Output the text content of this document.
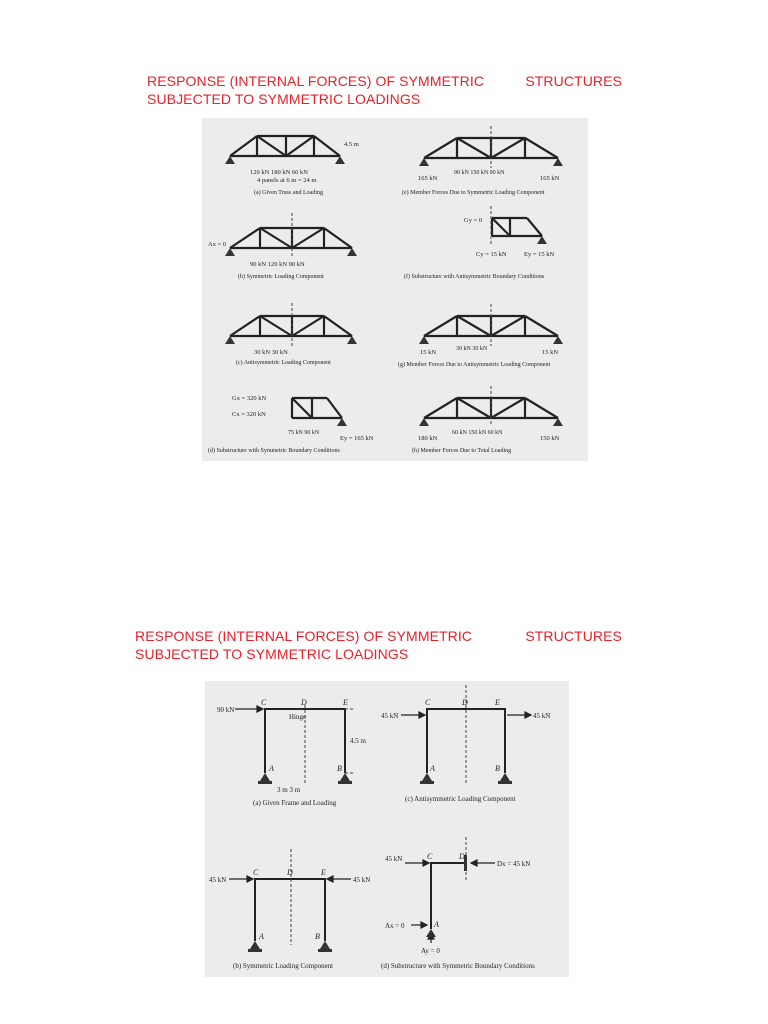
RESPONSE (INTERNAL FORCES) OF SYMMETRIC	STRUCTURES
SUBJECTED TO SYMMETRIC LOADINGS
120 kN 180 kN 60 kN
4 panels at 6 m = 24 m
4.5 m
(a) Given Truss and Loading
90 kN 120 kN 90 kN
Ax = 0
(b) Symmetric Loading Component
30 kN 30 kN
(c) Antisymmetric Loading Component
Gx = 320 kN
Cx = 320 kN
75 kN 90 kN
Ey = 165 kN
(d) Substructure with Symmetric Boundary Conditions
165 kN	165 kN
90 kN 150 kN 90 kN
(e) Member Forces Due to Symmetric Loading Component
Gy = 0
Cy = 15 kN	Ey = 15 kN
(f) Substructure with Antisymmetric Boundary Conditions
15 kN	15 kN
30 kN 30 kN
(g) Member Forces Due to Antisymmetric Loading Component
180 kN	150 kN
60 kN 150 kN 60 kN
(h) Member Forces Due to Total Loading
RESPONSE (INTERNAL FORCES) OF SYMMETRIC	STRUCTURES
SUBJECTED TO SYMMETRIC LOADINGS
C	D	E
A	B
C	D	E
A	B
C	D	E
A	B
C	D
A
90 kN
Hinge
4.5 m
3 m 3 m
45 kN	45 kN
45 kN	45 kN
45 kN
Dx = 45 kN
Ax = 0
Ay = 0
(a) Given Frame and Loading	(c) Antisymmetric Loading Component
(b) Symmetric Loading Component	(d) Substructure with Symmetric Boundary Conditions
